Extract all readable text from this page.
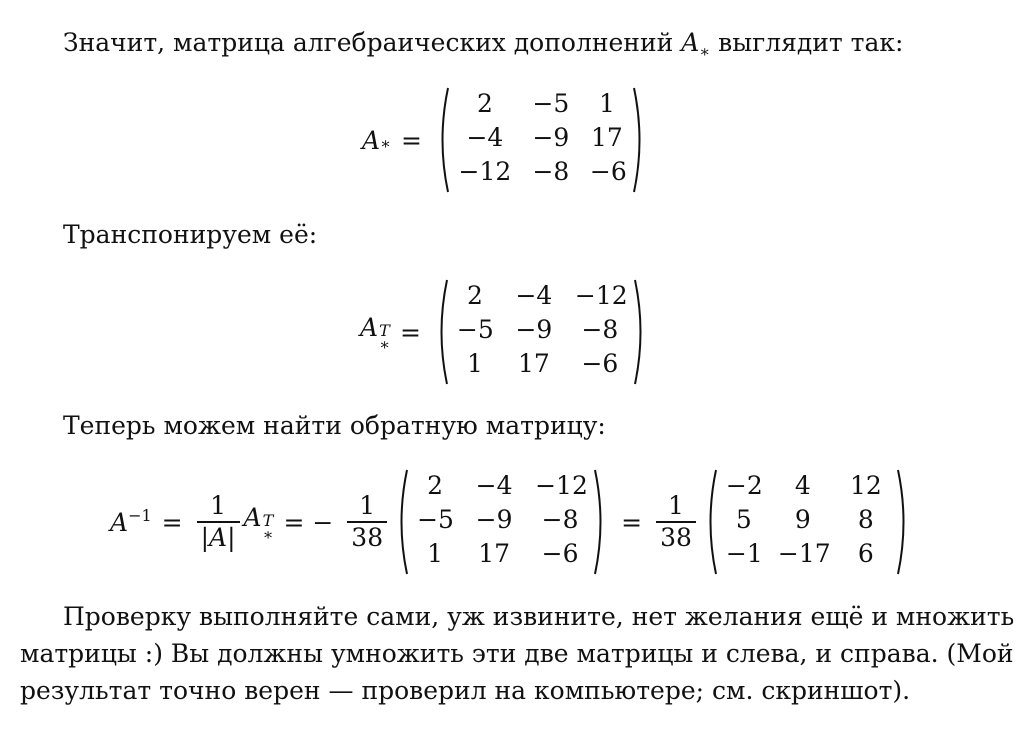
Значит, матрица алгебраических дополнений $A_∗$ выглядит так:
A ∗ =
2	−5	1
−4	−9 17
−12 −8 −6
Транспонируем её:
A T
∗ =
2	−4 −12
−5 −9	−8
1	17	−6
Теперь можем найти обратную матрицу:
$A^{-1} = \frac{1}{|A|}$ A T
∗ = − $\frac{1}{38}$
2	−4 −12
−5 −9	−8
1	17	−6
= $\frac{1}{38}$
−2	4	12
5	9	8
−1 −17	6
Проверку выполняйте сами, уж извините, нет желания ещё и множить
матрицы :) Вы должны умножить эти две матрицы и слева, и справа. (Мой
результат точно верен — проверил на компьютере; см. скриншот).
